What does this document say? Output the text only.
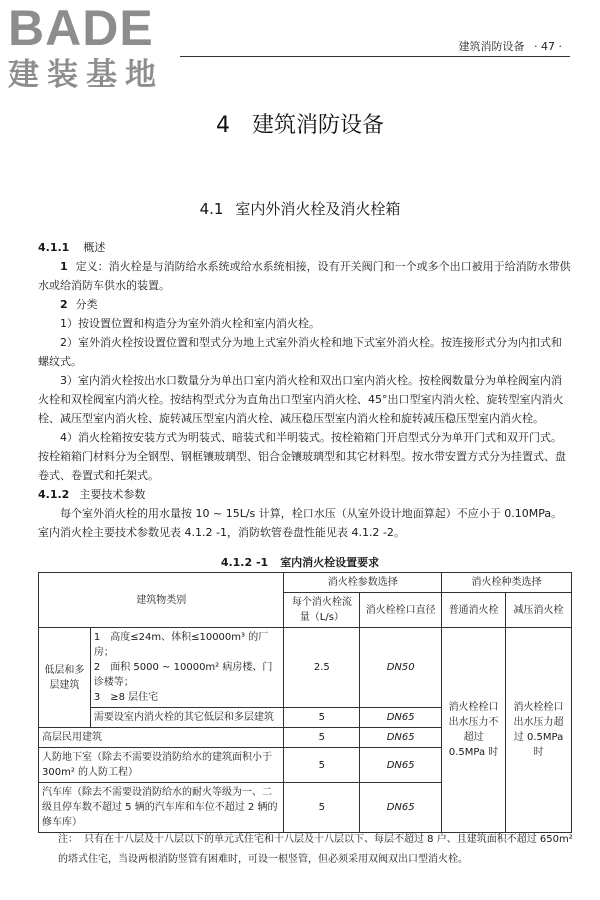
BADE
建装基地
建筑消防设备 · 47 ·
4 建筑消防设备
4.1 室内外消火栓及消火栓箱

4.1.1 概述

1 定义：消火栓是与消防给水系统或给水系统相接，设有开关阀门和一个或多个出口被用于给消防水带供水或给消防车供水的装置。

2 分类

1）按设置位置和构造分为室外消火栓和室内消火栓。

2）室外消火栓按设置位置和型式分为地上式室外消火栓和地下式室外消火栓。按连接形式分为内扣式和螺纹式。

3）室内消火栓按出水口数量分为单出口室内消火栓和双出口室内消火栓。按栓阀数量分为单栓阀室内消火栓和双栓阀室内消火栓。按结构型式分为直角出口型室内消火栓、45°出口型室内消火栓、旋转型室内消火栓、减压型室内消火栓、旋转减压型室内消火栓、减压稳压型室内消火栓和旋转减压稳压型室内消火栓。

4）消火栓箱按安装方式为明装式、暗装式和半明装式。按栓箱箱门开启型式分为单开门式和双开门式。按栓箱箱门材料分为全钢型、钢框镶玻璃型、铝合金镶玻璃型和其它材料型。按水带安置方式分为挂置式、盘卷式、卷置式和托架式。

4.1.2 主要技术参数

每个室外消火栓的用水量按 10 ~ 15L/s 计算，栓口水压（从室外设计地面算起）不应小于 0.10MPa。室内消火栓主要技术参数见表 4.1.2 -1，消防软管卷盘性能见表 4.1.2 -2。

4.1.2 -1 室内消火栓设置要求
建筑物类别		消火栓参数选择		消火栓种类选择	
		每个消火栓流量（L/s）	消火栓栓口直径	普通消火栓	减压消火栓
低层和多层建筑	1 高度≤24m、体积≤10000m³ 的厂房；
2 面积 5000 ~ 10000m² 病房楼、门诊楼等；
3 ≥8 层住宅	2.5	DN50	消火栓栓口出水压力不超过 0.5MPa 时	消火栓栓口出水压力超过 0.5MPa 时
	需要设室内消火栓的其它低层和多层建筑	5	DN65		
高层民用建筑		5	DN65		
人防地下室（除去不需要设消防给水的建筑面积小于 300m² 的人防工程）		5	DN65		
汽车库（除去不需要设消防给水的耐火等级为一、二级且停车数不超过 5 辆的汽车库和车位不超过 2 辆的修车库）		5	DN65		
注： 只有在十八层及十八层以下的单元式住宅和十八层及十八层以下、每层不超过 8 户、且建筑面积不超过 650m² 的塔式住宅，当设两根消防竖管有困难时，可设一根竖管，但必须采用双阀双出口型消火栓。
